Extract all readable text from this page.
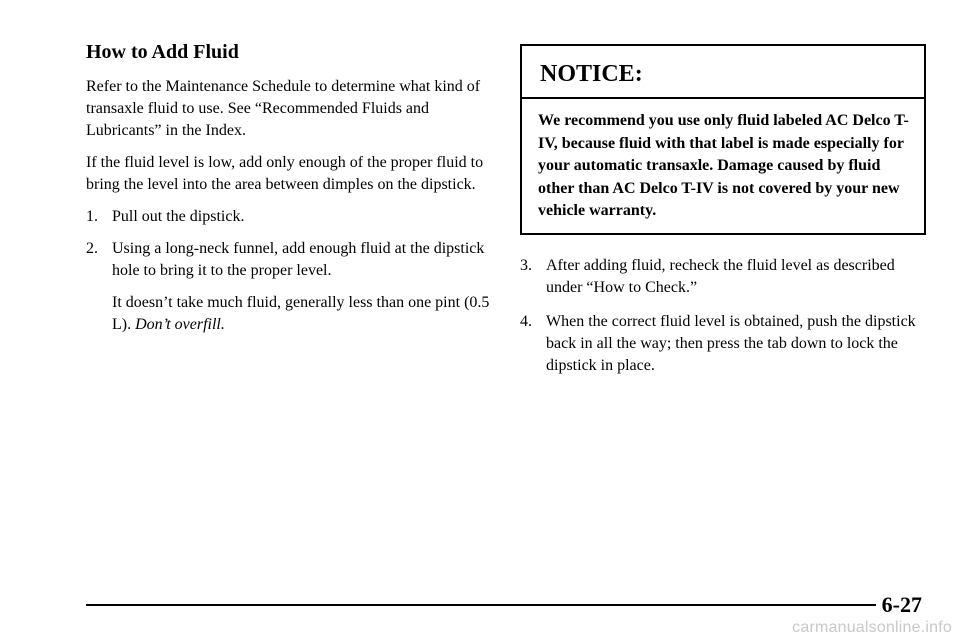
How to Add Fluid

Refer to the Maintenance Schedule to determine what kind of transaxle fluid to use. See “Recommended Fluids and Lubricants” in the Index.

If the fluid level is low, add only enough of the proper fluid to bring the level into the area between dimples on the dipstick.

1. Pull out the dipstick.
2. Using a long-neck funnel, add enough fluid at the dipstick hole to bring it to the proper level.

It doesn’t take much fluid, generally less than one pint (0.5 L). Don’t overfill.

NOTICE:
We recommend you use only fluid labeled AC Delco T-IV, because fluid with that label is made especially for your automatic transaxle. Damage caused by fluid other than AC Delco T-IV is not covered by your new vehicle warranty.
3. After adding fluid, recheck the fluid level as described under “How to Check.”
4. When the correct fluid level is obtained, push the dipstick back in all the way; then press the tab down to lock the dipstick in place.
6-27
carmanualsonline.info
